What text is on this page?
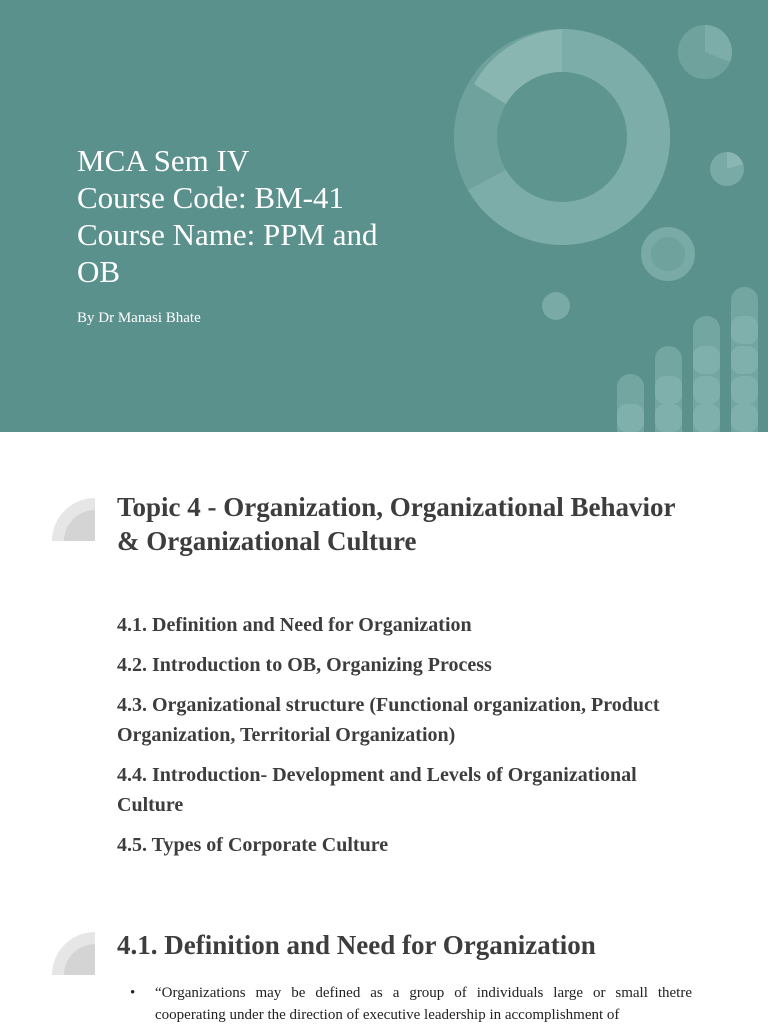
MCA Sem IV
Course Code: BM-41
Course Name: PPM and
OB
By Dr Manasi Bhate
Topic 4 - Organization, Organizational Behavior & Organizational Culture
4.1. Definition and Need for Organization
4.2. Introduction to OB, Organizing Process
4.3. Organizational structure (Functional organization, Product Organization, Territorial Organization)
4.4. Introduction- Development and Levels of Organizational Culture
4.5. Types of Corporate Culture
4.1. Definition and Need for Organization
• “Organizations may be defined as a group of individuals large or small thetre cooperating under the direction of executive leadership in accomplishment of
